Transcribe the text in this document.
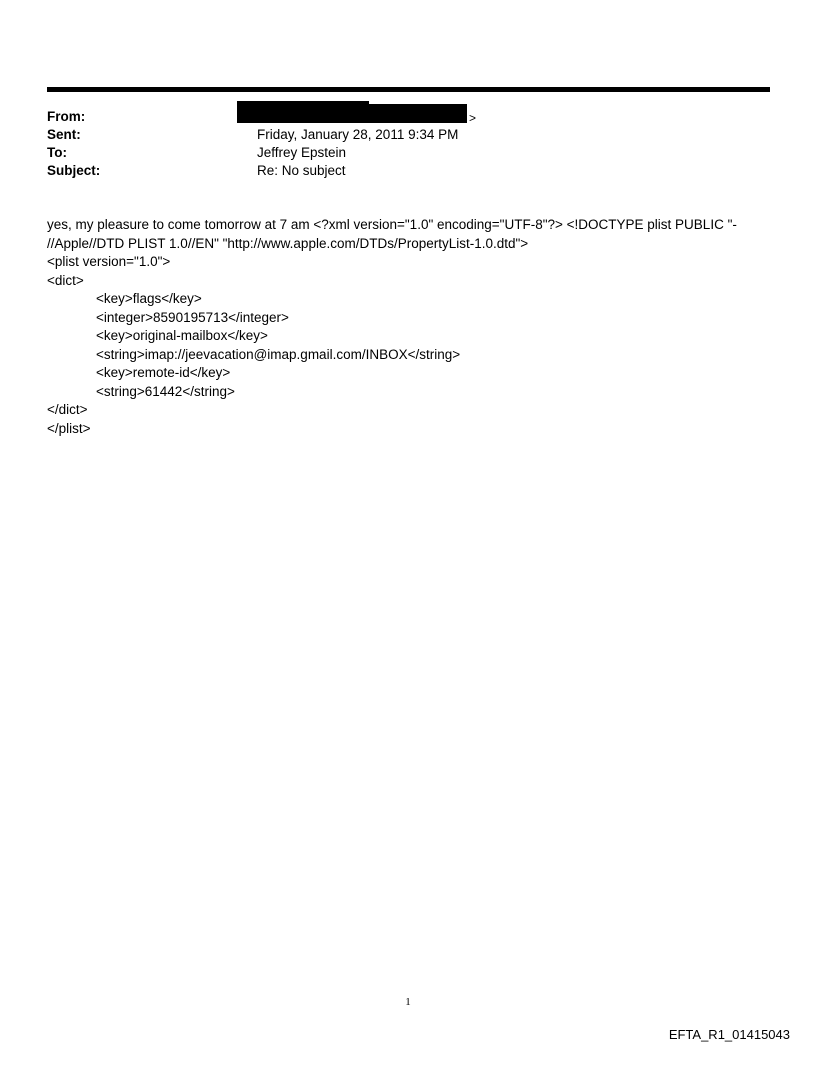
From:	>
Sent:	Friday, January 28, 2011 9:34 PM
To:	Jeffrey Epstein
Subject:	Re: No subject
yes, my pleasure to come tomorrow at 7 am <?xml version="1.0" encoding="UTF-8"?> <!DOCTYPE plist PUBLIC "-
//Apple//DTD PLIST 1.0//EN" "http://www.apple.com/DTDs/PropertyList-1.0.dtd">
<plist version="1.0">
<dict>
<key>flags</key>
<integer>8590195713</integer>
<key>original-mailbox</key>
<string>imap://jeevacation@imap.gmail.com/INBOX</string>
<key>remote-id</key>
<string>61442</string>
</dict>
</plist>
1
EFTA_R1_01415043
